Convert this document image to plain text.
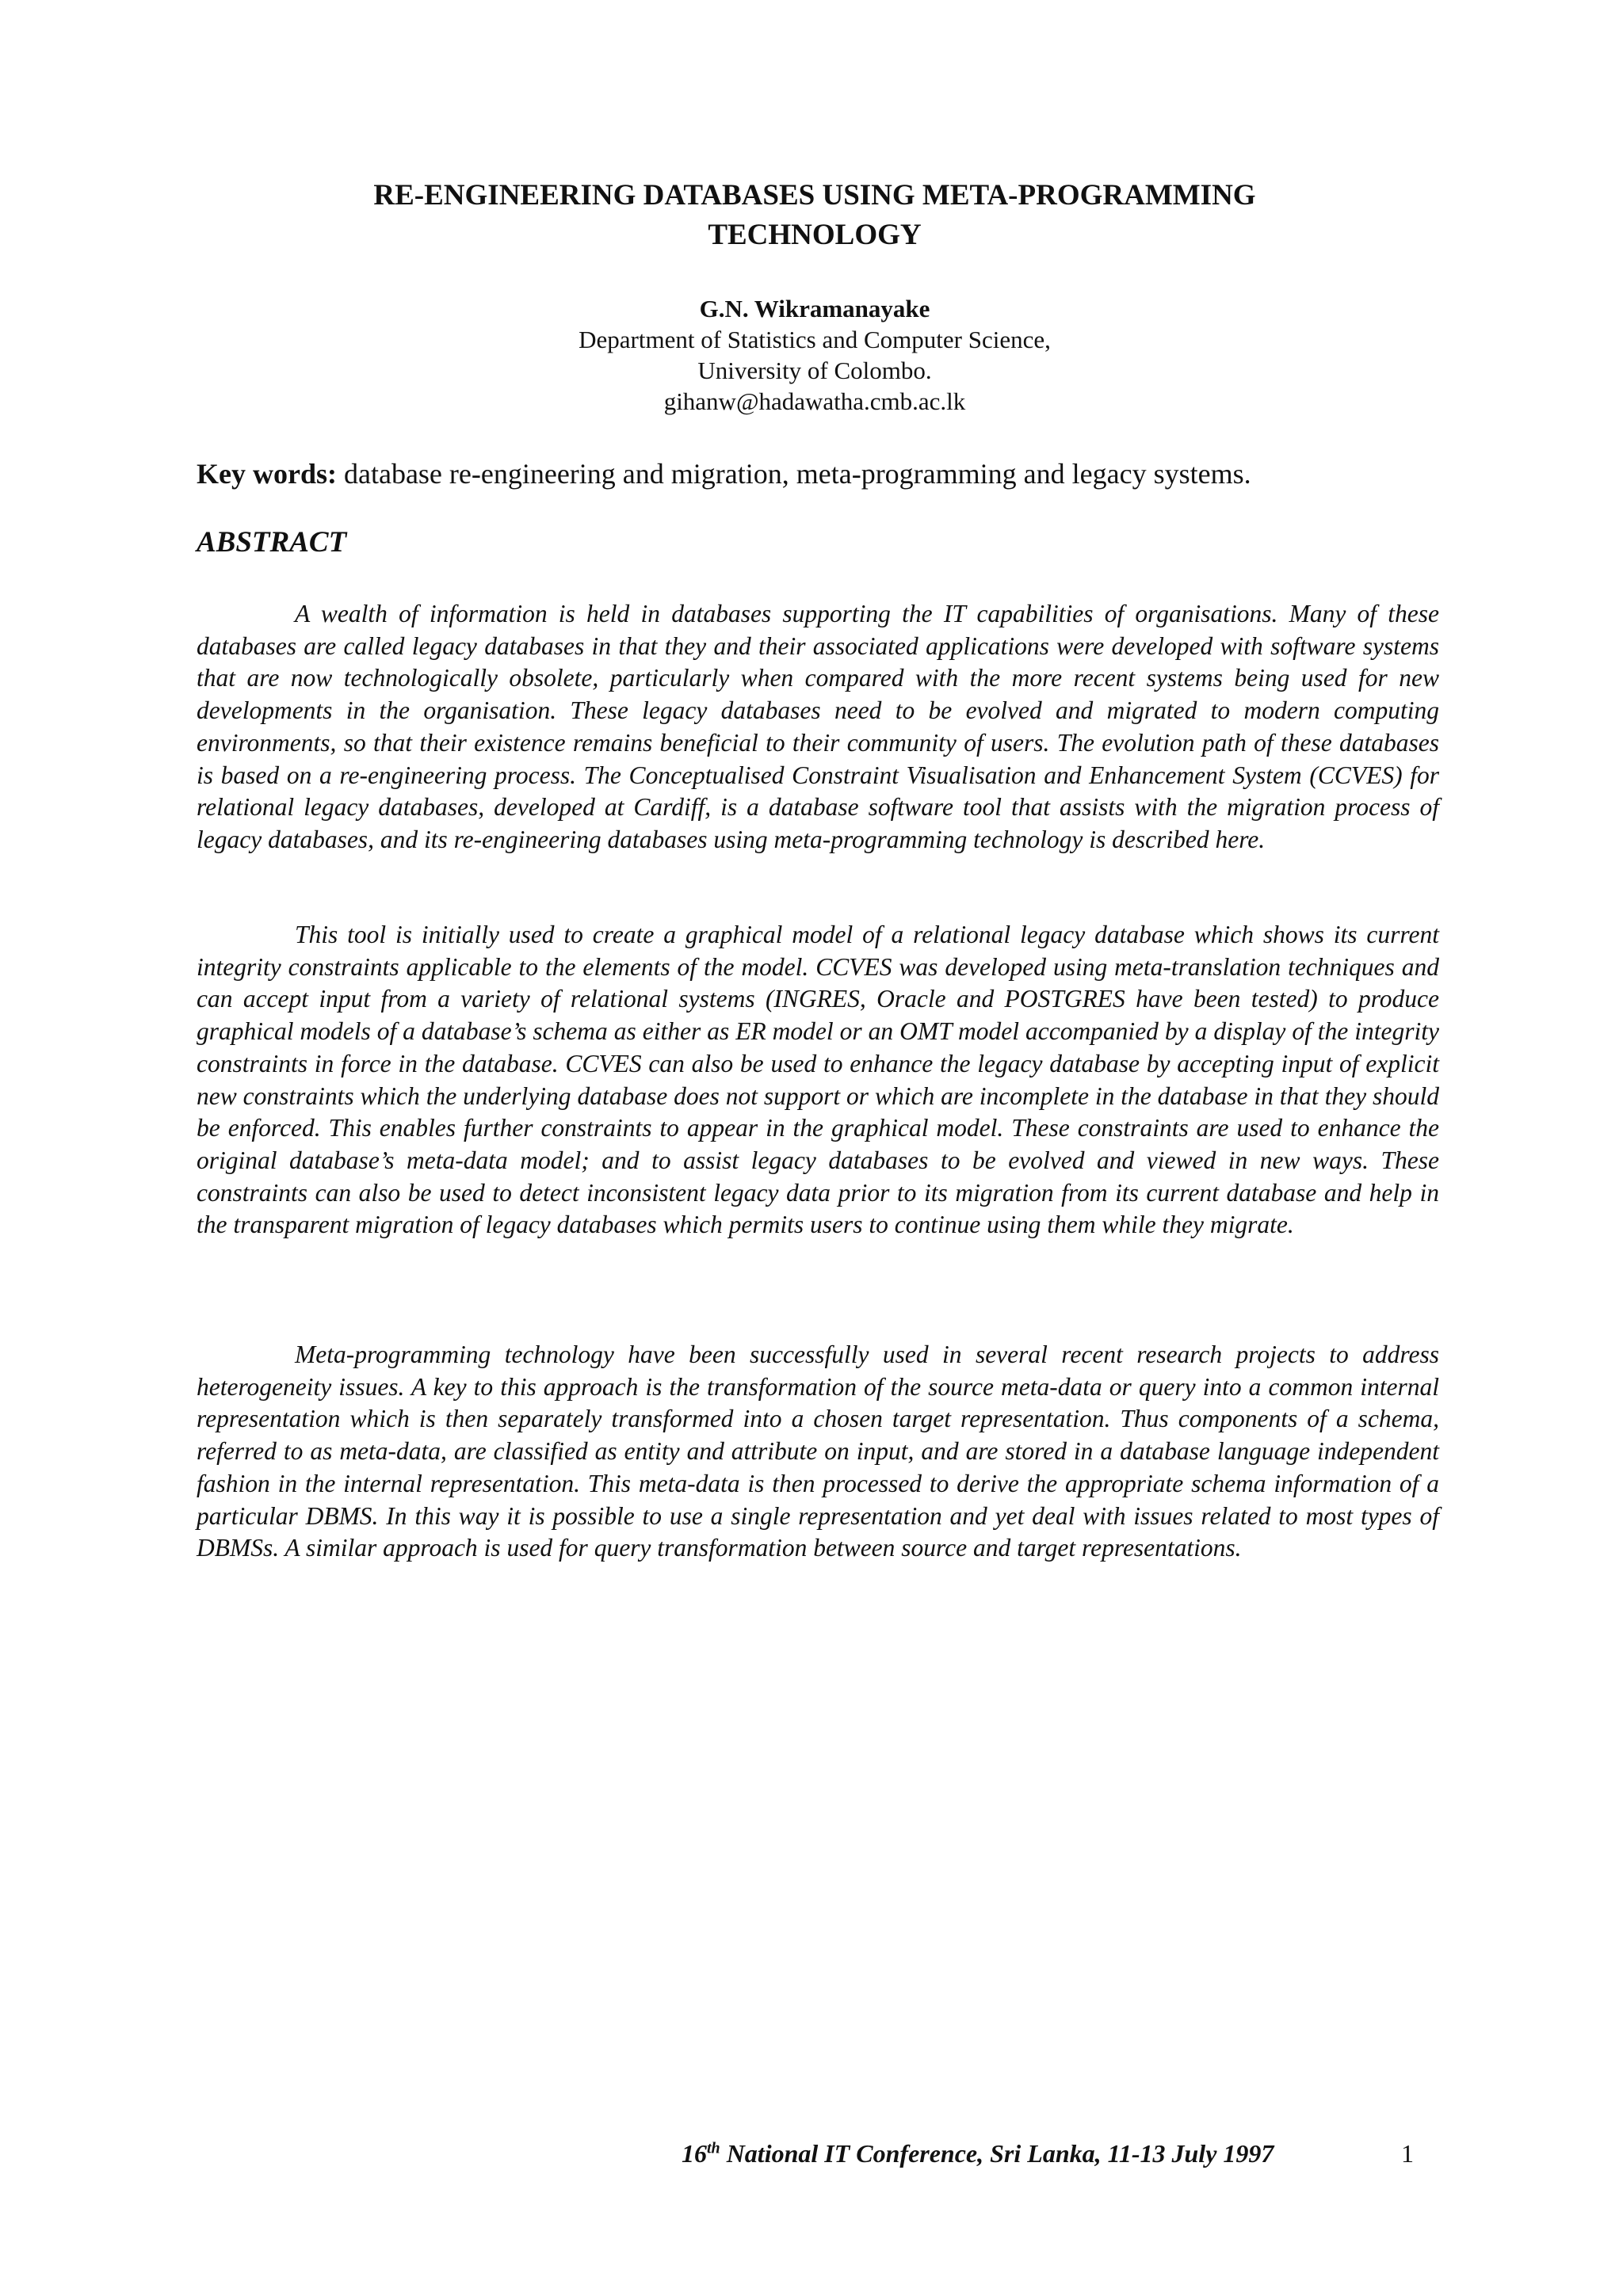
RE-ENGINEERING DATABASES USING META-PROGRAMMING
TECHNOLOGY
G.N. Wikramanayake
Department of Statistics and Computer Science,
University of Colombo.
gihanw@hadawatha.cmb.ac.lk
Key words: database re-engineering and migration, meta-programming and legacy systems.
ABSTRACT

A wealth of information is held in databases supporting the IT capabilities of organisations. Many of these databases are called legacy databases in that they and their associated applications were developed with software systems that are now technologically obsolete, particularly when compared with the more recent systems being used for new developments in the organisation. These legacy databases need to be evolved and migrated to modern computing environments, so that their existence remains beneficial to their community of users. The evolution path of these databases is based on a re-engineering process. The Conceptualised Constraint Visualisation and Enhancement System (CCVES) for relational legacy databases, developed at Cardiff, is a database software tool that assists with the migration process of legacy databases, and its re-engineering databases using meta-programming technology is described here.

This tool is initially used to create a graphical model of a relational legacy database which shows its current integrity constraints applicable to the elements of the model. CCVES was developed using meta-translation techniques and can accept input from a variety of relational systems (INGRES, Oracle and POSTGRES have been tested) to produce graphical models of a database’s schema as either as ER model or an OMT model accompanied by a display of the integrity constraints in force in the database. CCVES can also be used to enhance the legacy database by accepting input of explicit new constraints which the underlying database does not support or which are incomplete in the database in that they should be enforced. This enables further constraints to appear in the graphical model. These constraints are used to enhance the original database’s meta-data model; and to assist legacy databases to be evolved and viewed in new ways. These constraints can also be used to detect inconsistent legacy data prior to its migration from its current database and help in the transparent migration of legacy databases which permits users to continue using them while they migrate.

Meta-programming technology have been successfully used in several recent research projects to address heterogeneity issues. A key to this approach is the transformation of the source meta-data or query into a common internal representation which is then separately transformed into a chosen target representation. Thus components of a schema, referred to as meta-data, are classified as entity and attribute on input, and are stored in a database language independent fashion in the internal representation. This meta-data is then processed to derive the appropriate schema information of a particular DBMS. In this way it is possible to use a single representation and yet deal with issues related to most types of DBMSs. A similar approach is used for query transformation between source and target representations.

16th National IT Conference, Sri Lanka, 11-13 July 1997	1
